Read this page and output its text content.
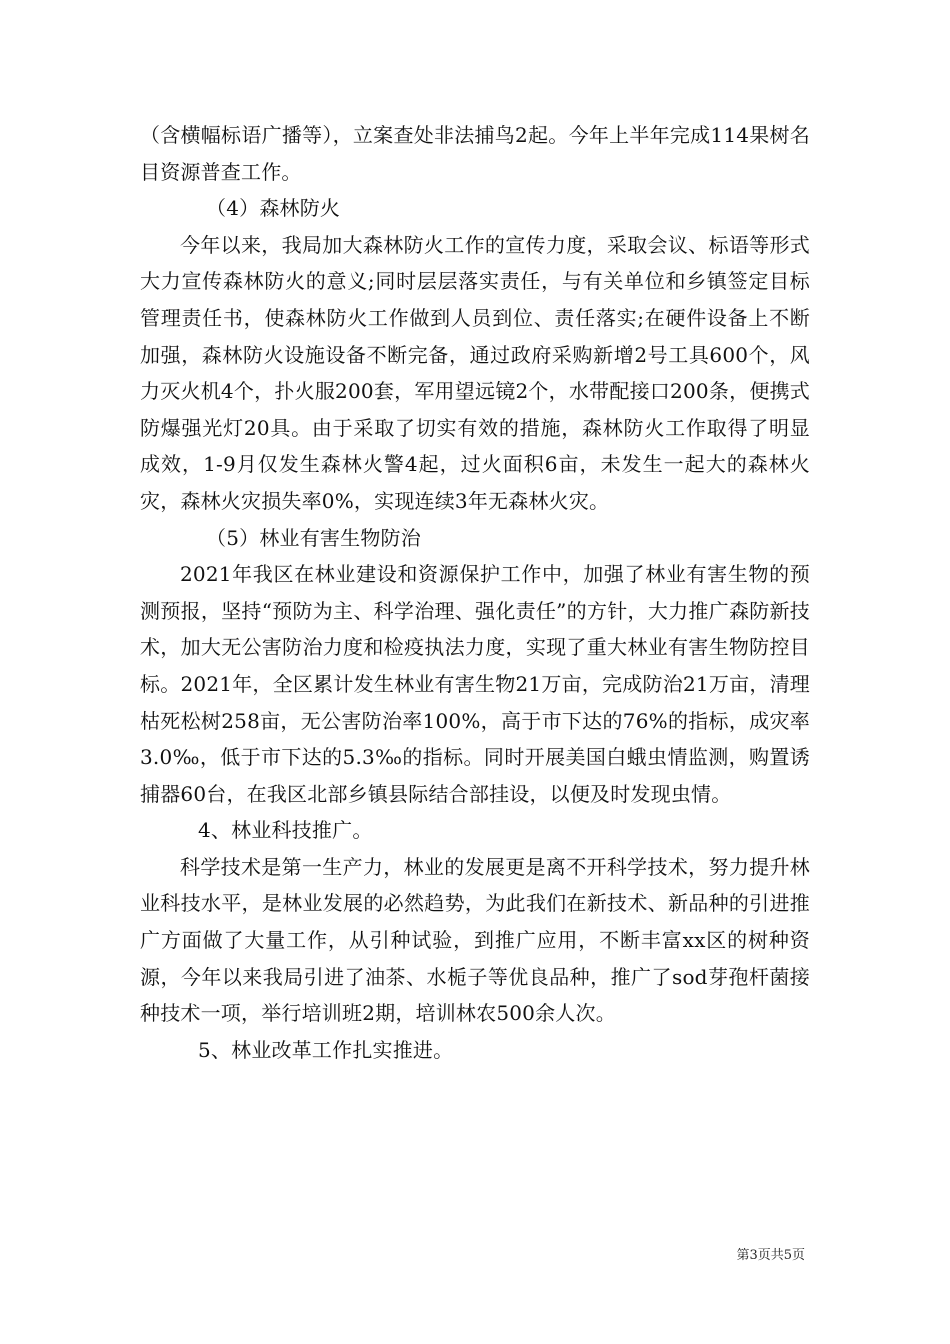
（含横幅标语广播等），立案查处非法捕鸟2起。今年上半年完成114果树名目资源普查工作。

（4）森林防火

今年以来，我局加大森林防火工作的宣传力度，采取会议、标语等形式大力宣传森林防火的意义;同时层层落实责任，与有关单位和乡镇签定目标管理责任书，使森林防火工作做到人员到位、责任落实;在硬件设备上不断加强，森林防火设施设备不断完备，通过政府采购新增2号工具600个，风力灭火机4个，扑火服200套，军用望远镜2个，水带配接口200条，便携式防爆强光灯20具。由于采取了切实有效的措施，森林防火工作取得了明显成效，1-9月仅发生森林火警4起，过火面积6亩，未发生一起大的森林火灾，森林火灾损失率0%，实现连续3年无森林火灾。

（5）林业有害生物防治

2021年我区在林业建设和资源保护工作中，加强了林业有害生物的预测预报，坚持“预防为主、科学治理、强化责任”的方针，大力推广森防新技术，加大无公害防治力度和检疫执法力度，实现了重大林业有害生物防控目标。2021年，全区累计发生林业有害生物21万亩，完成防治21万亩，清理枯死松树258亩，无公害防治率100%，高于市下达的76%的指标，成灾率3.0‰，低于市下达的5.3‰的指标。同时开展美国白蛾虫情监测，购置诱捕器60台，在我区北部乡镇县际结合部挂设，以便及时发现虫情。

4、林业科技推广。

科学技术是第一生产力，林业的发展更是离不开科学技术，努力提升林业科技水平，是林业发展的必然趋势，为此我们在新技术、新品种的引进推广方面做了大量工作，从引种试验，到推广应用，不断丰富xx区的树种资源，今年以来我局引进了油茶、水栀子等优良品种，推广了sod芽孢杆菌接种技术一项，举行培训班2期，培训林农500余人次。

5、林业改革工作扎实推进。

第3页共5页
